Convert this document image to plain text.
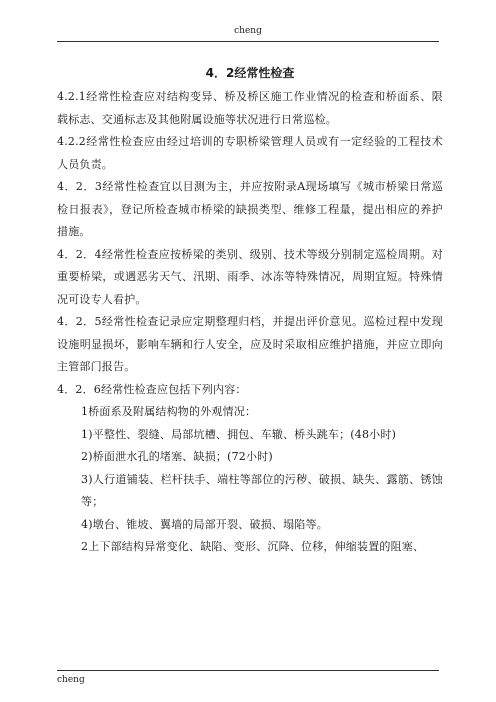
cheng
4．2经常性检查

4.2.1经常性检查应对结构变异、桥及桥区施工作业情况的检查和桥面系、限载标志、交通标志及其他附属设施等状况进行日常巡检。

4.2.2经常性检查应由经过培训的专职桥梁管理人员或有一定经验的工程技术人员负责。

4．2．3经常性检查宜以目测为主，并应按附录A现场填写《城市桥梁日常巡检日报表》，登记所检查城市桥梁的缺损类型、维修工程量，提出相应的养护措施。

4．2．4经常性检查应按桥梁的类别、级别、技术等级分别制定巡检周期。对重要桥梁，或遇恶劣天气、汛期、雨季、冰冻等特殊情况，周期宜短。特殊情况可设专人看护。

4．2．5经常性检查记录应定期整理归档，并提出评价意见。巡检过程中发现设施明显损坏，影响车辆和行人安全，应及时采取相应维护措施，并应立即向主管部门报告。

4．2．6经常性检查应包括下列内容：

1桥面系及附属结构物的外观情况：

1)平整性、裂缝、局部坑槽、拥包、车辙、桥头跳车；(48小时)

2)桥面泄水孔的堵塞、缺损；(72小时)

3)人行道铺装、栏杆扶手、端柱等部位的污秽、破损、缺失、露筋、锈蚀等；

4)墩台、锥坡、翼墙的局部开裂、破损、塌陷等。

2上下部结构异常变化、缺陷、变形、沉降、位移，伸缩装置的阻塞、

cheng
